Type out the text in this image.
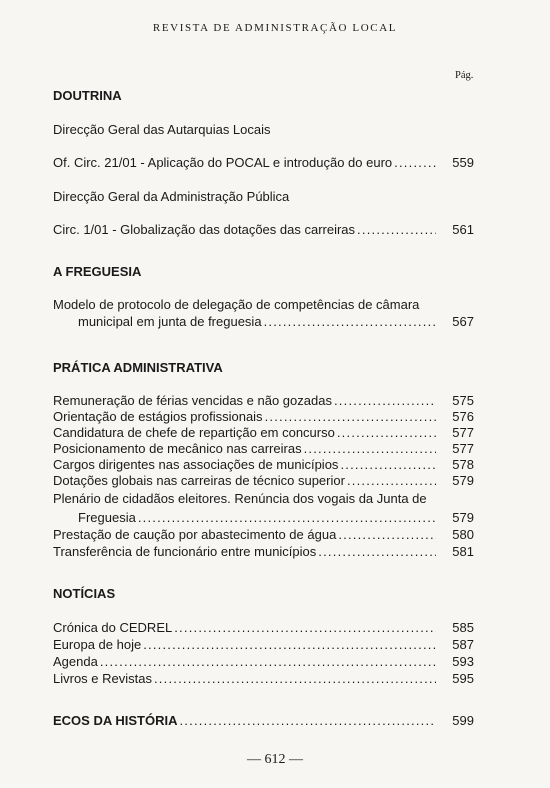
REVISTA DE ADMINISTRAÇÃO LOCAL
Pág.
DOUTRINA
Direcção Geral das Autarquias Locais
Of. Circ. 21/01 - Aplicação do POCAL e introdução do euro . . .	559
Direcção Geral da Administração Pública
Circ. 1/01 - Globalização das dotações das carreiras . . .	561
A FREGUESIA
Modelo de protocolo de delegação de competências de câmara
municipal em junta de freguesia . . .	567
PRÁTICA ADMINISTRATIVA
Remuneração de férias vencidas e não gozadas . . .	575
Orientação de estágios profissionais . . .	576
Candidatura de chefe de repartição em concurso . . .	577
Posicionamento de mecânico nas carreiras . . .	577
Cargos dirigentes nas associações de municípios . . .	578
Dotações globais nas carreiras de técnico superior . . .	579
Plenário de cidadãos eleitores. Renúncia dos vogais da Junta de
Freguesia . . .	579
Prestação de caução por abastecimento de água . . .	580
Transferência de funcionário entre municípios . . .	581
NOTÍCIAS
Crónica do CEDREL . . .	585
Europa de hoje . . .	587
Agenda . . .	593
Livros e Revistas . . .	595
ECOS DA HISTÓRIA . . .	599
— 612 —
